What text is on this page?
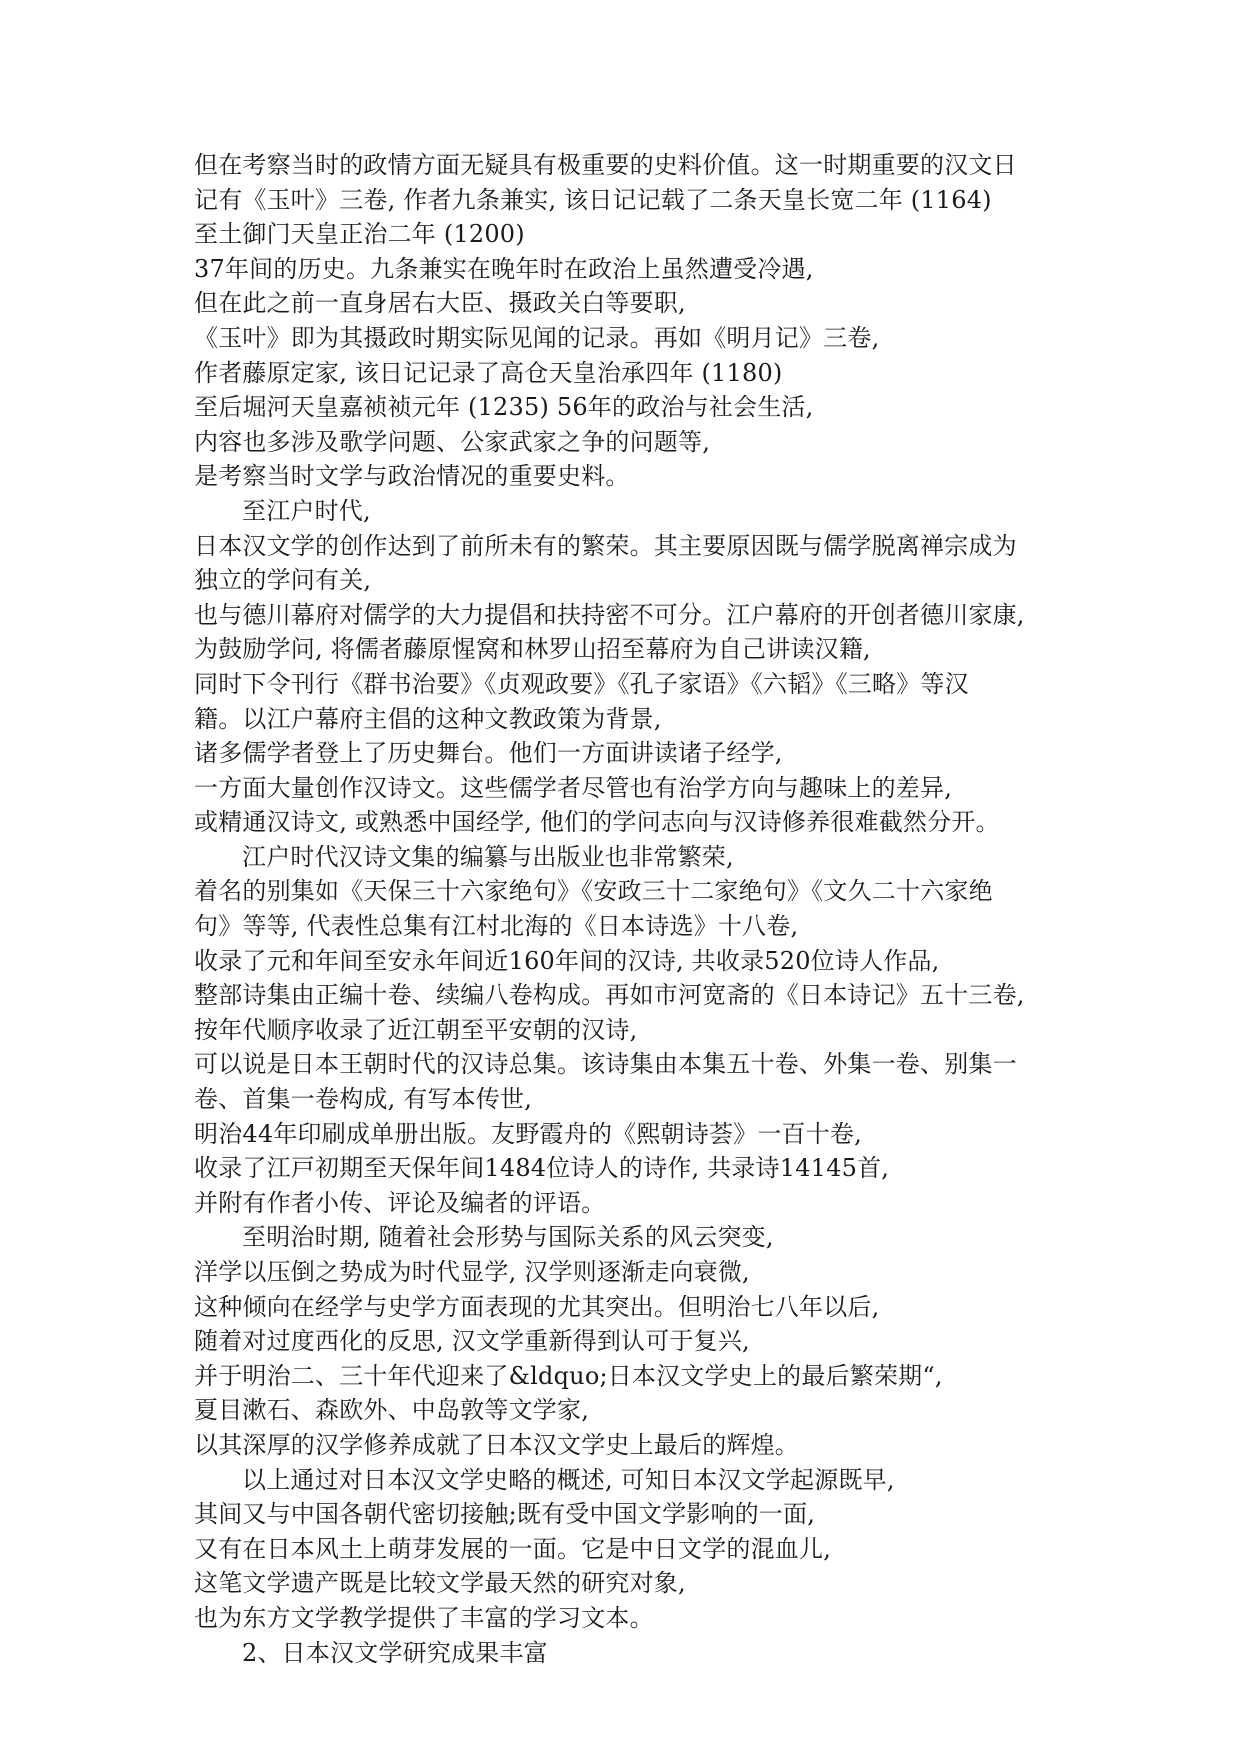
但在考察当时的政情方面无疑具有极重要的史料价值。这一时期重要的汉文日
记有《玉叶》三卷, 作者九条兼实, 该日记记载了二条天皇长宽二年 (1164)
至土御门天皇正治二年 (1200)
37年间的历史。九条兼实在晚年时在政治上虽然遭受冷遇,
但在此之前一直身居右大臣、摄政关白等要职,
《玉叶》即为其摄政时期实际见闻的记录。再如《明月记》三卷,
作者藤原定家, 该日记记录了高仓天皇治承四年 (1180)
至后堀河天皇嘉祯祯元年 (1235) 56年的政治与社会生活,
内容也多涉及歌学问题、公家武家之争的问题等,
是考察当时文学与政治情况的重要史料。
至江户时代,
日本汉文学的创作达到了前所未有的繁荣。其主要原因既与儒学脱离禅宗成为
独立的学问有关,
也与德川幕府对儒学的大力提倡和扶持密不可分。江户幕府的开创者德川家康,
为鼓励学问, 将儒者藤原惺窝和林罗山招至幕府为自己讲读汉籍,
同时下令刊行《群书治要》《贞观政要》《孔子家语》《六韬》《三略》等汉
籍。以江户幕府主倡的这种文教政策为背景,
诸多儒学者登上了历史舞台。他们一方面讲读诸子经学,
一方面大量创作汉诗文。这些儒学者尽管也有治学方向与趣味上的差异,
或精通汉诗文, 或熟悉中国经学, 他们的学问志向与汉诗修养很难截然分开。
江户时代汉诗文集的编纂与出版业也非常繁荣,
着名的别集如《天保三十六家绝句》《安政三十二家绝句》《文久二十六家绝
句》等等, 代表性总集有江村北海的《日本诗选》十八卷,
收录了元和年间至安永年间近160年间的汉诗, 共收录520位诗人作品,
整部诗集由正编十卷、续编八卷构成。再如市河宽斋的《日本诗记》五十三卷,
按年代顺序收录了近江朝至平安朝的汉诗,
可以说是日本王朝时代的汉诗总集。该诗集由本集五十卷、外集一卷、别集一
卷、首集一卷构成, 有写本传世,
明治44年印刷成单册出版。友野霞舟的《熙朝诗荟》一百十卷,
收录了江戸初期至天保年间1484位诗人的诗作, 共录诗14145首,
并附有作者小传、评论及编者的评语。
至明治时期, 随着社会形势与国际关系的风云突变,
洋学以压倒之势成为时代显学, 汉学则逐渐走向衰微,
这种倾向在经学与史学方面表现的尤其突出。但明治七八年以后,
随着对过度西化的反思, 汉文学重新得到认可于复兴,
并于明治二、三十年代迎来了&ldquo;日本汉文学史上的最后繁荣期“,
夏目漱石、森欧外、中岛敦等文学家,
以其深厚的汉学修养成就了日本汉文学史上最后的辉煌。
以上通过对日本汉文学史略的概述, 可知日本汉文学起源既早,
其间又与中国各朝代密切接触;既有受中国文学影响的一面,
又有在日本风土上萌芽发展的一面。它是中日文学的混血儿,
这笔文学遗产既是比较文学最天然的研究对象,
也为东方文学教学提供了丰富的学习文本。
2、日本汉文学研究成果丰富
